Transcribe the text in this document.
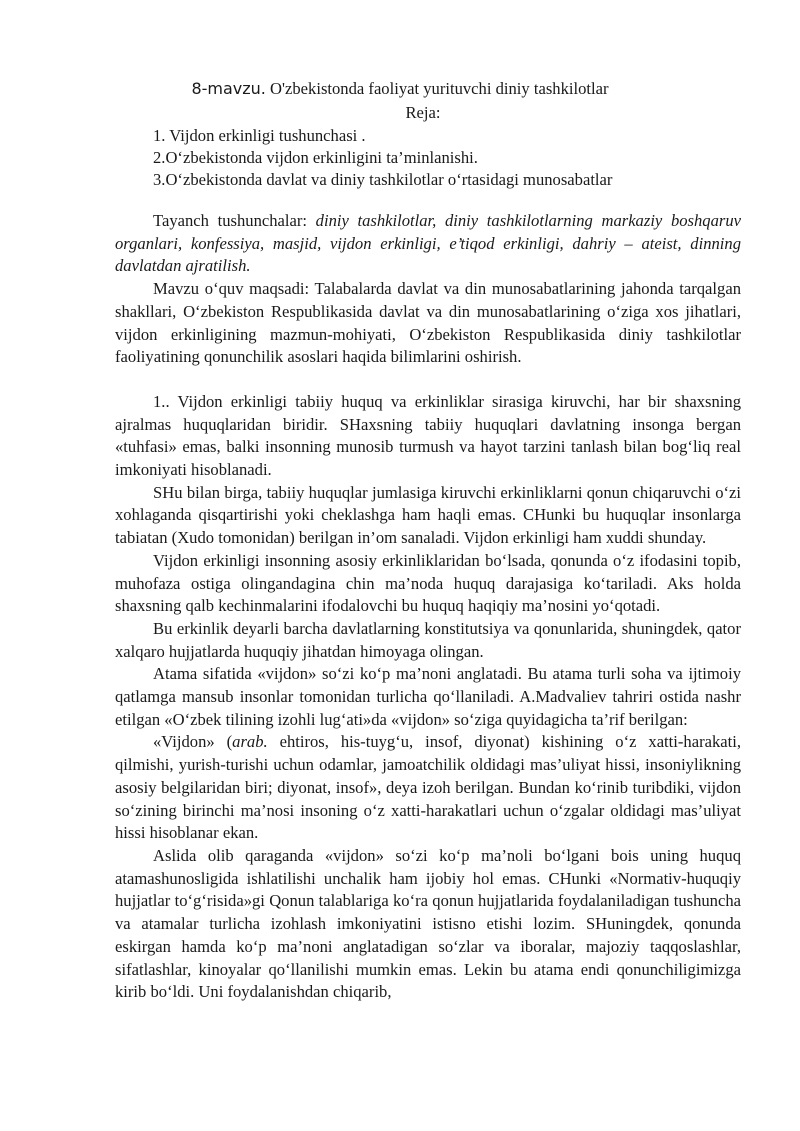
8-mavzu. O'zbekistonda faoliyat yurituvchi diniy tashkilotlar
Reja:
1. Vijdon erkinligi tushunchasi .
2.O‘zbekistonda vijdon erkinligini ta’minlanishi.
3.O‘zbekistonda davlat va diniy tashkilotlar o‘rtasidagi munosabatlar

Tayanch tushunchalar: diniy tashkilotlar, diniy tashkilotlarning markaziy boshqaruv organlari, konfessiya, masjid, vijdon erkinligi, e’tiqod erkinligi, dahriy – ateist, dinning davlatdan ajratilish.

Mavzu o‘quv maqsadi: Talabalarda davlat va din munosabatlarining jahonda tarqalgan shakllari, O‘zbekiston Respublikasida davlat va din munosabatlarining o‘ziga xos jihatlari, vijdon erkinligining mazmun-mohiyati, O‘zbekiston Respublikasida diniy tashkilotlar faoliyatining qonunchilik asoslari haqida bilimlarini oshirish.

1.. Vijdon erkinligi tabiiy huquq va erkinliklar sirasiga kiruvchi, har bir shaxsning ajralmas huquqlaridan biridir. SHaxsning tabiiy huquqlari davlatning insonga bergan «tuhfasi» emas, balki insonning munosib turmush va hayot tarzini tanlash bilan bog‘liq real imkoniyati hisoblanadi.

SHu bilan birga, tabiiy huquqlar jumlasiga kiruvchi erkinliklarni qonun chiqaruvchi o‘zi xohlaganda qisqartirishi yoki cheklashga ham haqli emas. CHunki bu huquqlar insonlarga tabiatan (Xudo tomonidan) berilgan in’om sanaladi. Vijdon erkinligi ham xuddi shunday.

Vijdon erkinligi insonning asosiy erkinliklaridan bo‘lsada, qonunda o‘z ifodasini topib, muhofaza ostiga olingandagina chin ma’noda huquq darajasiga ko‘tariladi. Aks holda shaxsning qalb kechinmalarini ifodalovchi bu huquq haqiqiy ma’nosini yo‘qotadi.

Bu erkinlik deyarli barcha davlatlarning konstitutsiya va qonunlarida, shuningdek, qator xalqaro hujjatlarda huquqiy jihatdan himoyaga olingan.

Atama sifatida «vijdon» so‘zi ko‘p ma’noni anglatadi. Bu atama turli soha va ijtimoiy qatlamga mansub insonlar tomonidan turlicha qo‘llaniladi. A.Madvaliev tahriri ostida nashr etilgan «O‘zbek tilining izohli lug‘ati»da «vijdon» so‘ziga quyidagicha ta’rif berilgan:

«Vijdon» (arab. ehtiros, his-tuyg‘u, insof, diyonat) kishining o‘z xatti-harakati, qilmishi, yurish-turishi uchun odamlar, jamoatchilik oldidagi mas’uliyat hissi, insoniylikning asosiy belgilaridan biri; diyonat, insof», deya izoh berilgan. Bundan ko‘rinib turibdiki, vijdon so‘zining birinchi ma’nosi insoning o‘z xatti-harakatlari uchun o‘zgalar oldidagi mas’uliyat hissi hisoblanar ekan.

Aslida olib qaraganda «vijdon» so‘zi ko‘p ma’noli bo‘lgani bois uning huquq atamashunosligida ishlatilishi unchalik ham ijobiy hol emas. CHunki «Normativ-huquqiy hujjatlar to‘g‘risida»gi Qonun talablariga ko‘ra qonun hujjatlarida foydalaniladigan tushuncha va atamalar turlicha izohlash imkoniyatini istisno etishi lozim. SHuningdek, qonunda eskirgan hamda ko‘p ma’noni anglatadigan so‘zlar va iboralar, majoziy taqqoslashlar, sifatlashlar, kinoyalar qo‘llanilishi mumkin emas. Lekin bu atama endi qonunchiligimizga kirib bo‘ldi. Uni foydalanishdan chiqarib,
